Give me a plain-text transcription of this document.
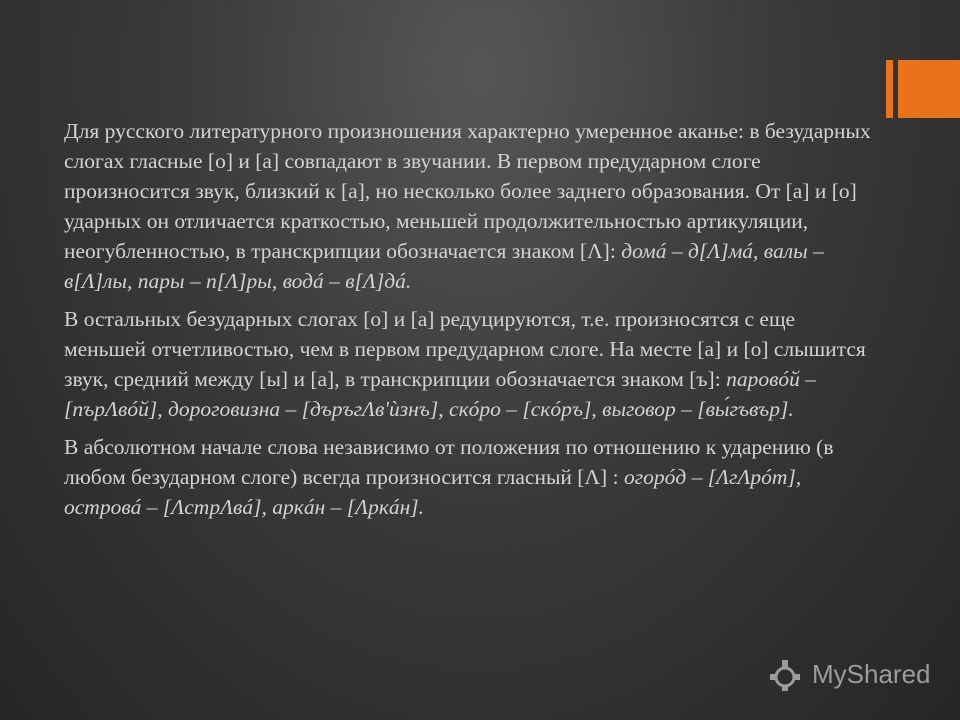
Для русского литературного произношения характерно умеренное аканье: в безударных слогах гласные [о] и [а] совпадают в звучании. В первом предударном слоге произносится звук, близкий к [а], но несколько более заднего образования. От [а] и [о] ударных он отличается краткостью, меньшей продолжительностью артикуляции, неогубленностью, в транскрипции обозначается знаком [Λ]: домá – д[Λ]мá, валы – в[Λ]лы, пары – п[Λ]ры, водá – в[Λ]дá.

В остальных безударных слогах [о] и [а] редуцируются, т.е. произносятся с еще меньшей отчетливостью, чем в первом предударном слоге. На месте [а] и [о] слышится звук, средний между [ы] и [а], в транскрипции обозначается знаком [ъ]: паровóй – [пърΛвóй], дороговизна – [дъръгΛв'ѝзнъ], скóро – [скóръ], выговор – [вы́гъвър].

В абсолютном начале слова независимо от положения по отношению к ударению (в любом безударном слоге) всегда произносится гласный [Λ] : огорóд – [ΛгΛрóт], островá – [ΛстрΛвá], аркáн – [Λркáн].

MyShared
